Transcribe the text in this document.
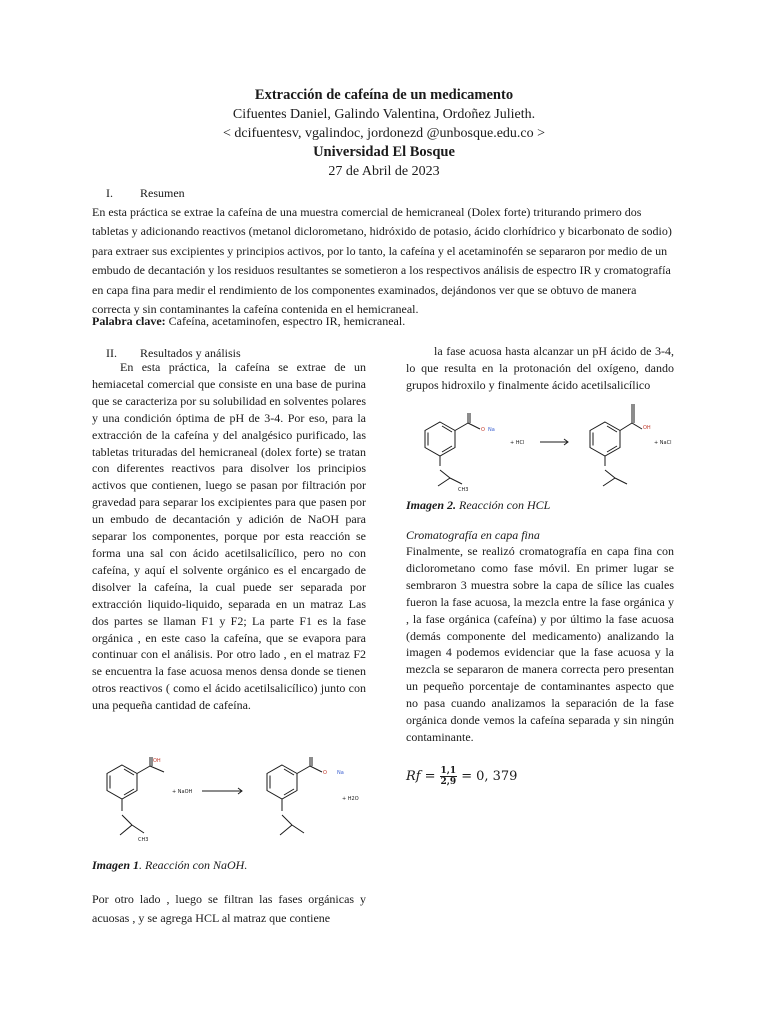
Extracción de cafeína de un medicamento
Cifuentes Daniel, Galindo Valentina, Ordoñez Julieth.
< dcifuentesv, vgalindoc, jordonezd @unbosque.edu.co >
Universidad El Bosque
27 de Abril de 2023
I. Resumen

En esta práctica se extrae la cafeína de una muestra comercial de hemicraneal (Dolex forte) triturando primero dos tabletas y adicionando reactivos (metanol diclorometano, hidróxido de potasio, ácido clorhídrico y bicarbonato de sodio) para extraer sus excipientes y principios activos, por lo tanto, la cafeína y el acetaminofén se separaron por medio de un embudo de decantación y los residuos resultantes se sometieron a los respectivos análisis de espectro IR y cromatografía en capa fina para medir el rendimiento de los componentes examinados, dejándonos ver que se obtuvo de manera correcta y sin contaminantes la cafeína contenida en el hemicraneal.

Palabra clave: Cafeína, acetaminofen, espectro IR, hemicraneal.
II. Resultados y análisis

En esta práctica, la cafeína se extrae de un hemiacetal comercial que consiste en una base de purina que se caracteriza por su solubilidad en solventes polares y una condición óptima de pH de 3-4. Por eso, para la extracción de la cafeína y del analgésico purificado, las tabletas trituradas del hemicraneal (dolex forte) se tratan con diferentes reactivos para disolver los principios activos que contienen, luego se pasan por filtración por gravedad para separar los excipientes para que pasen por un embudo de decantación y adición de NaOH para separar los componentes, porque por esta reacción se forma una sal con ácido acetilsalicílico, pero no con cafeína, y aquí el solvente orgánico es el encargado de disolver la cafeína, la cual puede ser separada por extracción liquido-liquido, separada en un matraz Las dos partes se llaman F1 y F2; La parte F1 es la fase orgánica , en este caso la cafeína, que se evapora para continuar con el análisis. Por otro lado , en el matraz F2 se encuentra la fase acuosa menos densa donde se tienen otros reactivos ( como el ácido acetilsalicílico) junto con una pequeña cantidad de cafeína.

OH
CH3
+ NaOH
O Na
+ H2O
Imagen 1. Reacción con NaOH.

Por otro lado , luego se filtran las fases orgánicas y acuosas , y se agrega HCL al matraz que contiene

la fase acuosa hasta alcanzar un pH ácido de 3-4, lo que resulta en la protonación del oxígeno, dando grupos hidroxilo y finalmente ácido acetilsalicílico

O Na
CH3
+ HCl
OH
+ NaCl
Imagen 2. Reacción con HCL
Cromatografía en capa fina

Finalmente, se realizó cromatografía en capa fina con diclorometano como fase móvil. En primer lugar se sembraron 3 muestra sobre la capa de sílice las cuales fueron la fase acuosa, la mezcla entre la fase orgánica y , la fase orgánica (cafeína) y por último la fase acuosa (demás componente del medicamento) analizando la imagen 4 podemos evidenciar que la fase acuosa y la mezcla se separaron de manera correcta pero presentan un pequeño porcentaje de contaminantes aspecto que no pasa cuando analizamos la separación de la fase orgánica donde vemos la cafeína separada y sin ningún contaminante.

$Rf = \frac{1,1}{2,9} = 0$, 379
